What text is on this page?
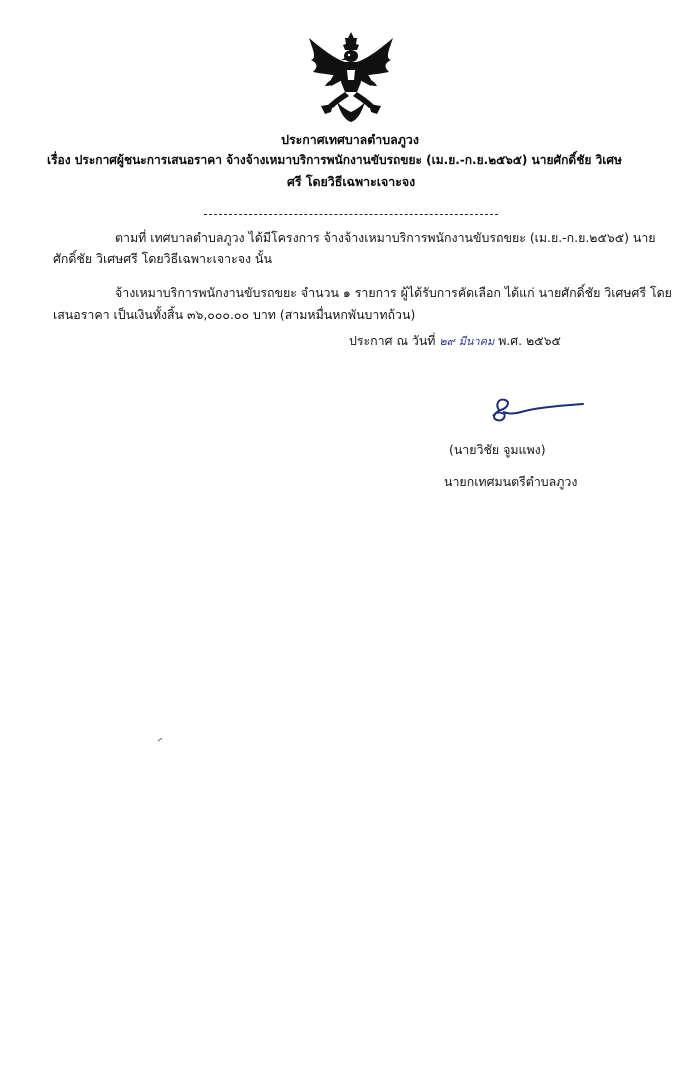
ประกาศเทศบาลตำบลภูวง
เรื่อง ประกาศผู้ชนะการเสนอราคา จ้างจ้างเหมาบริการพนักงานขับรถขยะ (เม.ย.-ก.ย.๒๕๖๕) นายศักดิ์ชัย วิเศษ
ศรี โดยวิธีเฉพาะเจาะจง
ตามที่ เทศบาลตำบลภูวง ได้มีโครงการ จ้างจ้างเหมาบริการพนักงานขับรถขยะ (เม.ย.-ก.ย.๒๕๖๕) นาย
ศักดิ์ชัย วิเศษศรี โดยวิธีเฉพาะเจาะจง นั้น
จ้างเหมาบริการพนักงานขับรถขยะ จำนวน ๑ รายการ ผู้ได้รับการคัดเลือก ได้แก่ นายศักดิ์ชัย วิเศษศรี โดย
เสนอราคา เป็นเงินทั้งสิ้น ๓๖,๐๐๐.๐๐ บาท (สามหมื่นหกพันบาทถ้วน)
ประกาศ ณ วันที่ ๒๙ มีนาคม พ.ศ. ๒๕๖๕
(นายวิชัย จูมแพง)
นายกเทศมนตรีตำบลภูวง
